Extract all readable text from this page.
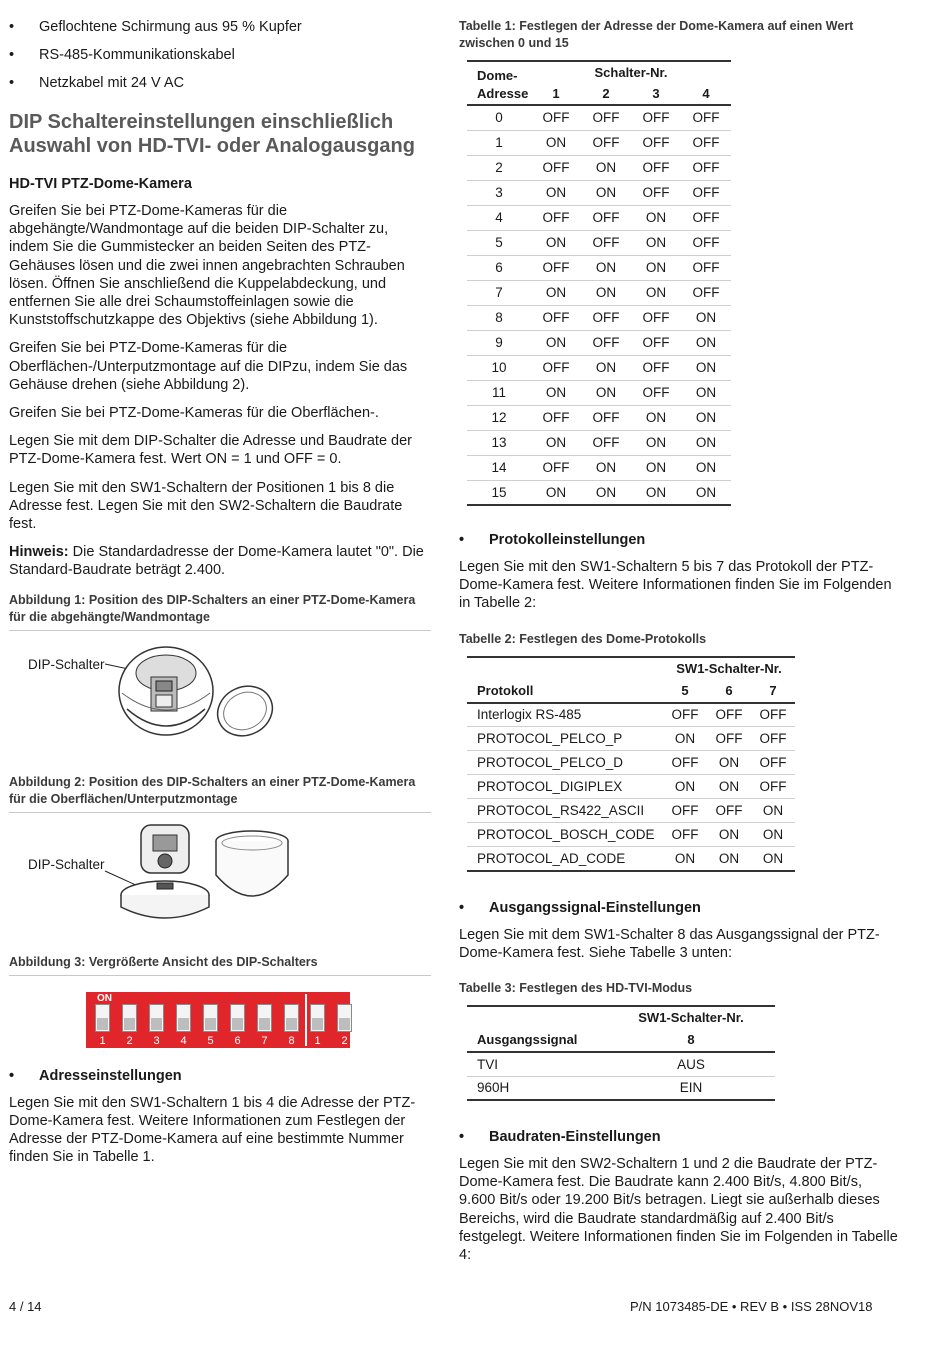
• Geflochtene Schirmung aus 95 % Kupfer
• RS-485-Kommunikationskabel
• Netzkabel mit 24 V AC
DIP Schaltereinstellungen einschließlich Auswahl von HD-TVI- oder Analogausgang
HD-TVI PTZ-Dome-Kamera

Greifen Sie bei PTZ-Dome-Kameras für die abgehängte/Wandmontage auf die beiden DIP-Schalter zu, indem Sie die Gummistecker an beiden Seiten des PTZ-Gehäuses lösen und die zwei innen angebrachten Schrauben lösen. Öffnen Sie anschließend die Kuppelabdeckung, und entfernen Sie alle drei Schaumstoffeinlagen sowie die Kunststoffschutzkappe des Objektivs (siehe Abbildung 1).

Greifen Sie bei PTZ-Dome-Kameras für die Oberflächen-/Unterputzmontage auf die DIPzu, indem Sie das Gehäuse drehen (siehe Abbildung 2).

Greifen Sie bei PTZ-Dome-Kameras für die Oberflächen-.

Legen Sie mit dem DIP-Schalter die Adresse und Baudrate der PTZ-Dome-Kamera fest. Wert ON = 1 und OFF = 0.

Legen Sie mit den SW1-Schaltern der Positionen 1 bis 8 die Adresse fest. Legen Sie mit den SW2-Schaltern die Baudrate fest.

Hinweis: Die Standardadresse der Dome-Kamera lautet "0". Die Standard-Baudrate beträgt 2.400.

Abbildung 1: Position des DIP-Schalters an einer PTZ-Dome-Kamera für die abgehängte/Wandmontage
DIP-Schalter
Abbildung 2: Position des DIP-Schalters an einer PTZ-Dome-Kamera für die Oberflächen/Unterputzmontage
DIP-Schalter
Abbildung 3: Vergrößerte Ansicht des DIP-Schalters
ON
1	2	3	4	5	6	7	8	1	2
• Adresseinstellungen

Legen Sie mit den SW1-Schaltern 1 bis 4 die Adresse der PTZ-Dome-Kamera fest. Weitere Informationen zum Festlegen der Adresse der PTZ-Dome-Kamera auf eine bestimmte Nummer finden Sie in Tabelle 1.

Tabelle 1: Festlegen der Adresse der Dome-Kamera auf einen Wert zwischen 0 und 15
Dome-	Schalter-Nr.			
Adresse	1	2	3	4
0	OFF	OFF	OFF	OFF
1	ON	OFF	OFF	OFF
2	OFF	ON	OFF	OFF
3	ON	ON	OFF	OFF
4	OFF	OFF	ON	OFF
5	ON	OFF	ON	OFF
6	OFF	ON	ON	OFF
7	ON	ON	ON	OFF
8	OFF	OFF	OFF	ON
9	ON	OFF	OFF	ON
10	OFF	ON	OFF	ON
11	ON	ON	OFF	ON
12	OFF	OFF	ON	ON
13	ON	OFF	ON	ON
14	OFF	ON	ON	ON
15	ON	ON	ON	ON
• Protokolleinstellungen

Legen Sie mit den SW1-Schaltern 5 bis 7 das Protokoll der PTZ-Dome-Kamera fest. Weitere Informationen finden Sie im Folgenden in Tabelle 2:

Tabelle 2: Festlegen des Dome-Protokolls
	SW1-Schalter-Nr.		
Protokoll	5	6	7
Interlogix RS-485	OFF	OFF	OFF
PROTOCOL_PELCO_P	ON	OFF	OFF
PROTOCOL_PELCO_D	OFF	ON	OFF
PROTOCOL_DIGIPLEX	ON	ON	OFF
PROTOCOL_RS422_ASCII	OFF	OFF	ON
PROTOCOL_BOSCH_CODE	OFF	ON	ON
PROTOCOL_AD_CODE	ON	ON	ON
• Ausgangssignal-Einstellungen

Legen Sie mit dem SW1-Schalter 8 das Ausgangssignal der PTZ-Dome-Kamera fest. Siehe Tabelle 3 unten:

Tabelle 3: Festlegen des HD-TVI-Modus
	SW1-Schalter-Nr.
Ausgangssignal	8
TVI	AUS
960H	EIN
• Baudraten-Einstellungen

Legen Sie mit den SW2-Schaltern 1 und 2 die Baudrate der PTZ-Dome-Kamera fest. Die Baudrate kann 2.400 Bit/s, 4.800 Bit/s, 9.600 Bit/s oder 19.200 Bit/s betragen. Liegt sie außerhalb dieses Bereichs, wird die Baudrate standardmäßig auf 2.400 Bit/s festgelegt. Weitere Informationen finden Sie im Folgenden in Tabelle 4:

4 / 14	P/N 1073485-DE • REV B • ISS 28NOV18
